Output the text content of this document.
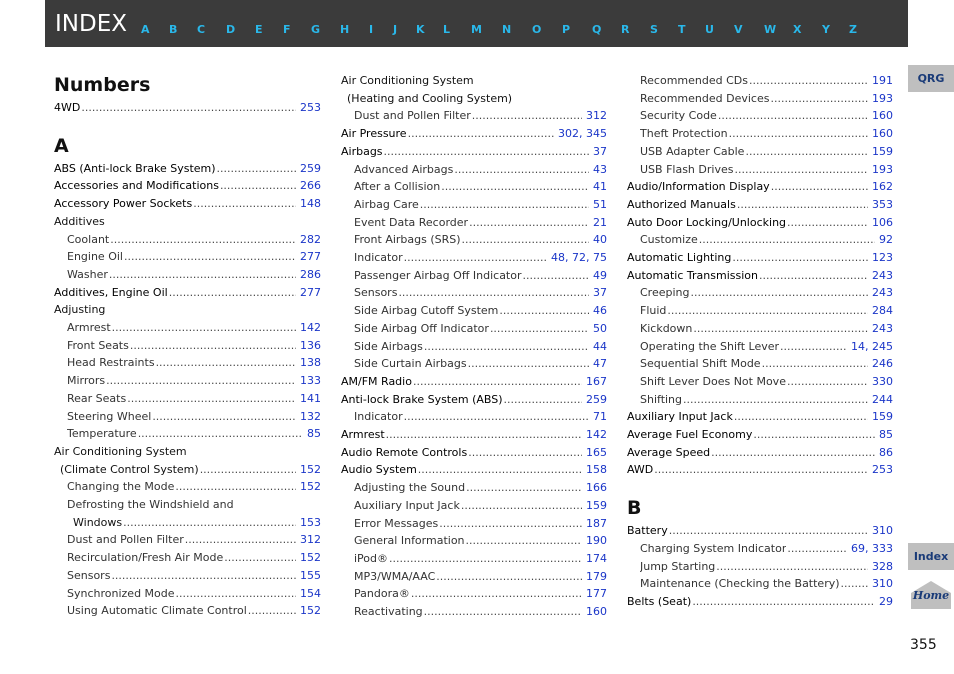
INDEX A B C D E F G H I J K L M N O P Q R S T U V W X Y Z
Numbers
4WD .....	253
A
ABS (Anti-lock Brake System) .....	259
Accessories and Modifications .....	266
Accessory Power Sockets .....	148
Additives
Coolant .....	282
Engine Oil .....	277
Washer .....	286
Additives, Engine Oil .....	277
Adjusting
Armrest .....	142
Front Seats .....	136
Head Restraints .....	138
Mirrors .....	133
Rear Seats .....	141
Steering Wheel .....	132
Temperature .....	85
Air Conditioning System
(Climate Control System) .....	152
Changing the Mode .....	152
Defrosting the Windshield and
Windows .....	153
Dust and Pollen Filter .....	312
Recirculation/Fresh Air Mode .....	152
Sensors .....	155
Synchronized Mode .....	154
Using Automatic Climate Control .....	152
Air Conditioning System
(Heating and Cooling System)
Dust and Pollen Filter .....	312
Air Pressure .....	302, 345
Airbags .....	37
Advanced Airbags .....	43
After a Collision .....	41
Airbag Care .....	51
Event Data Recorder .....	21
Front Airbags (SRS) .....	40
Indicator .....	48, 72, 75
Passenger Airbag Off Indicator .....	49
Sensors .....	37
Side Airbag Cutoff System .....	46
Side Airbag Off Indicator .....	50
Side Airbags .....	44
Side Curtain Airbags .....	47
AM/FM Radio .....	167
Anti-lock Brake System (ABS) .....	259
Indicator .....	71
Armrest .....	142
Audio Remote Controls .....	165
Audio System .....	158
Adjusting the Sound .....	166
Auxiliary Input Jack .....	159
Error Messages .....	187
General Information .....	190
iPod® .....	174
MP3/WMA/AAC .....	179
Pandora® .....	177
Reactivating .....	160
Recommended CDs .....	191
Recommended Devices .....	193
Security Code .....	160
Theft Protection .....	160
USB Adapter Cable .....	159
USB Flash Drives .....	193
Audio/Information Display .....	162
Authorized Manuals .....	353
Auto Door Locking/Unlocking .....	106
Customize .....	92
Automatic Lighting .....	123
Automatic Transmission .....	243
Creeping .....	243
Fluid .....	284
Kickdown .....	243
Operating the Shift Lever .....	14, 245
Sequential Shift Mode .....	246
Shift Lever Does Not Move .....	330
Shifting .....	244
Auxiliary Input Jack .....	159
Average Fuel Economy .....	85
Average Speed .....	86
AWD .....	253
B
Battery .....	310
Charging System Indicator .....	69, 333
Jump Starting .....	328
Maintenance (Checking the Battery) .....	310
Belts (Seat) .....	29
QRG
Index
Home
355
